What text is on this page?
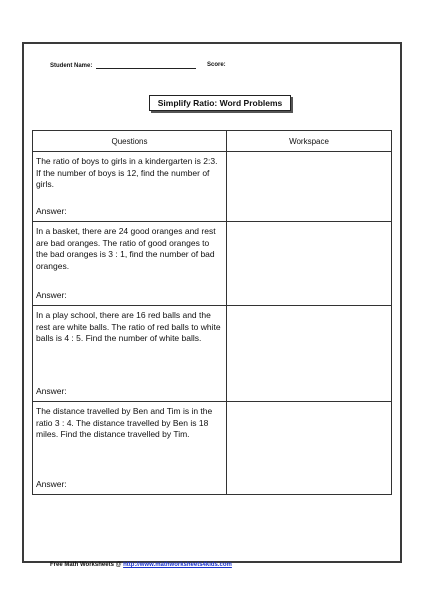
Student Name:	Score:
Simplify Ratio: Word Problems
Questions	Workspace

The ratio of boys to girls in a kindergarten is 2:3. If the number of boys is 12, find the number of girls.
Answer:	

In a basket, there are 24 good oranges and rest are bad oranges. The ratio of good oranges to the bad oranges is 3 : 1, find the number of bad oranges.
Answer:	

In a play school, there are 16 red balls and the rest are white balls. The ratio of red balls to white balls is 4 : 5. Find the number of white balls.
Answer:	

The distance travelled by Ben and Tim is in the ratio 3 : 4. The distance travelled by Ben is 18 miles. Find the distance travelled by Tim.
Answer:	

Free Math Worksheets @ http://www.mathworksheets4kids.com
